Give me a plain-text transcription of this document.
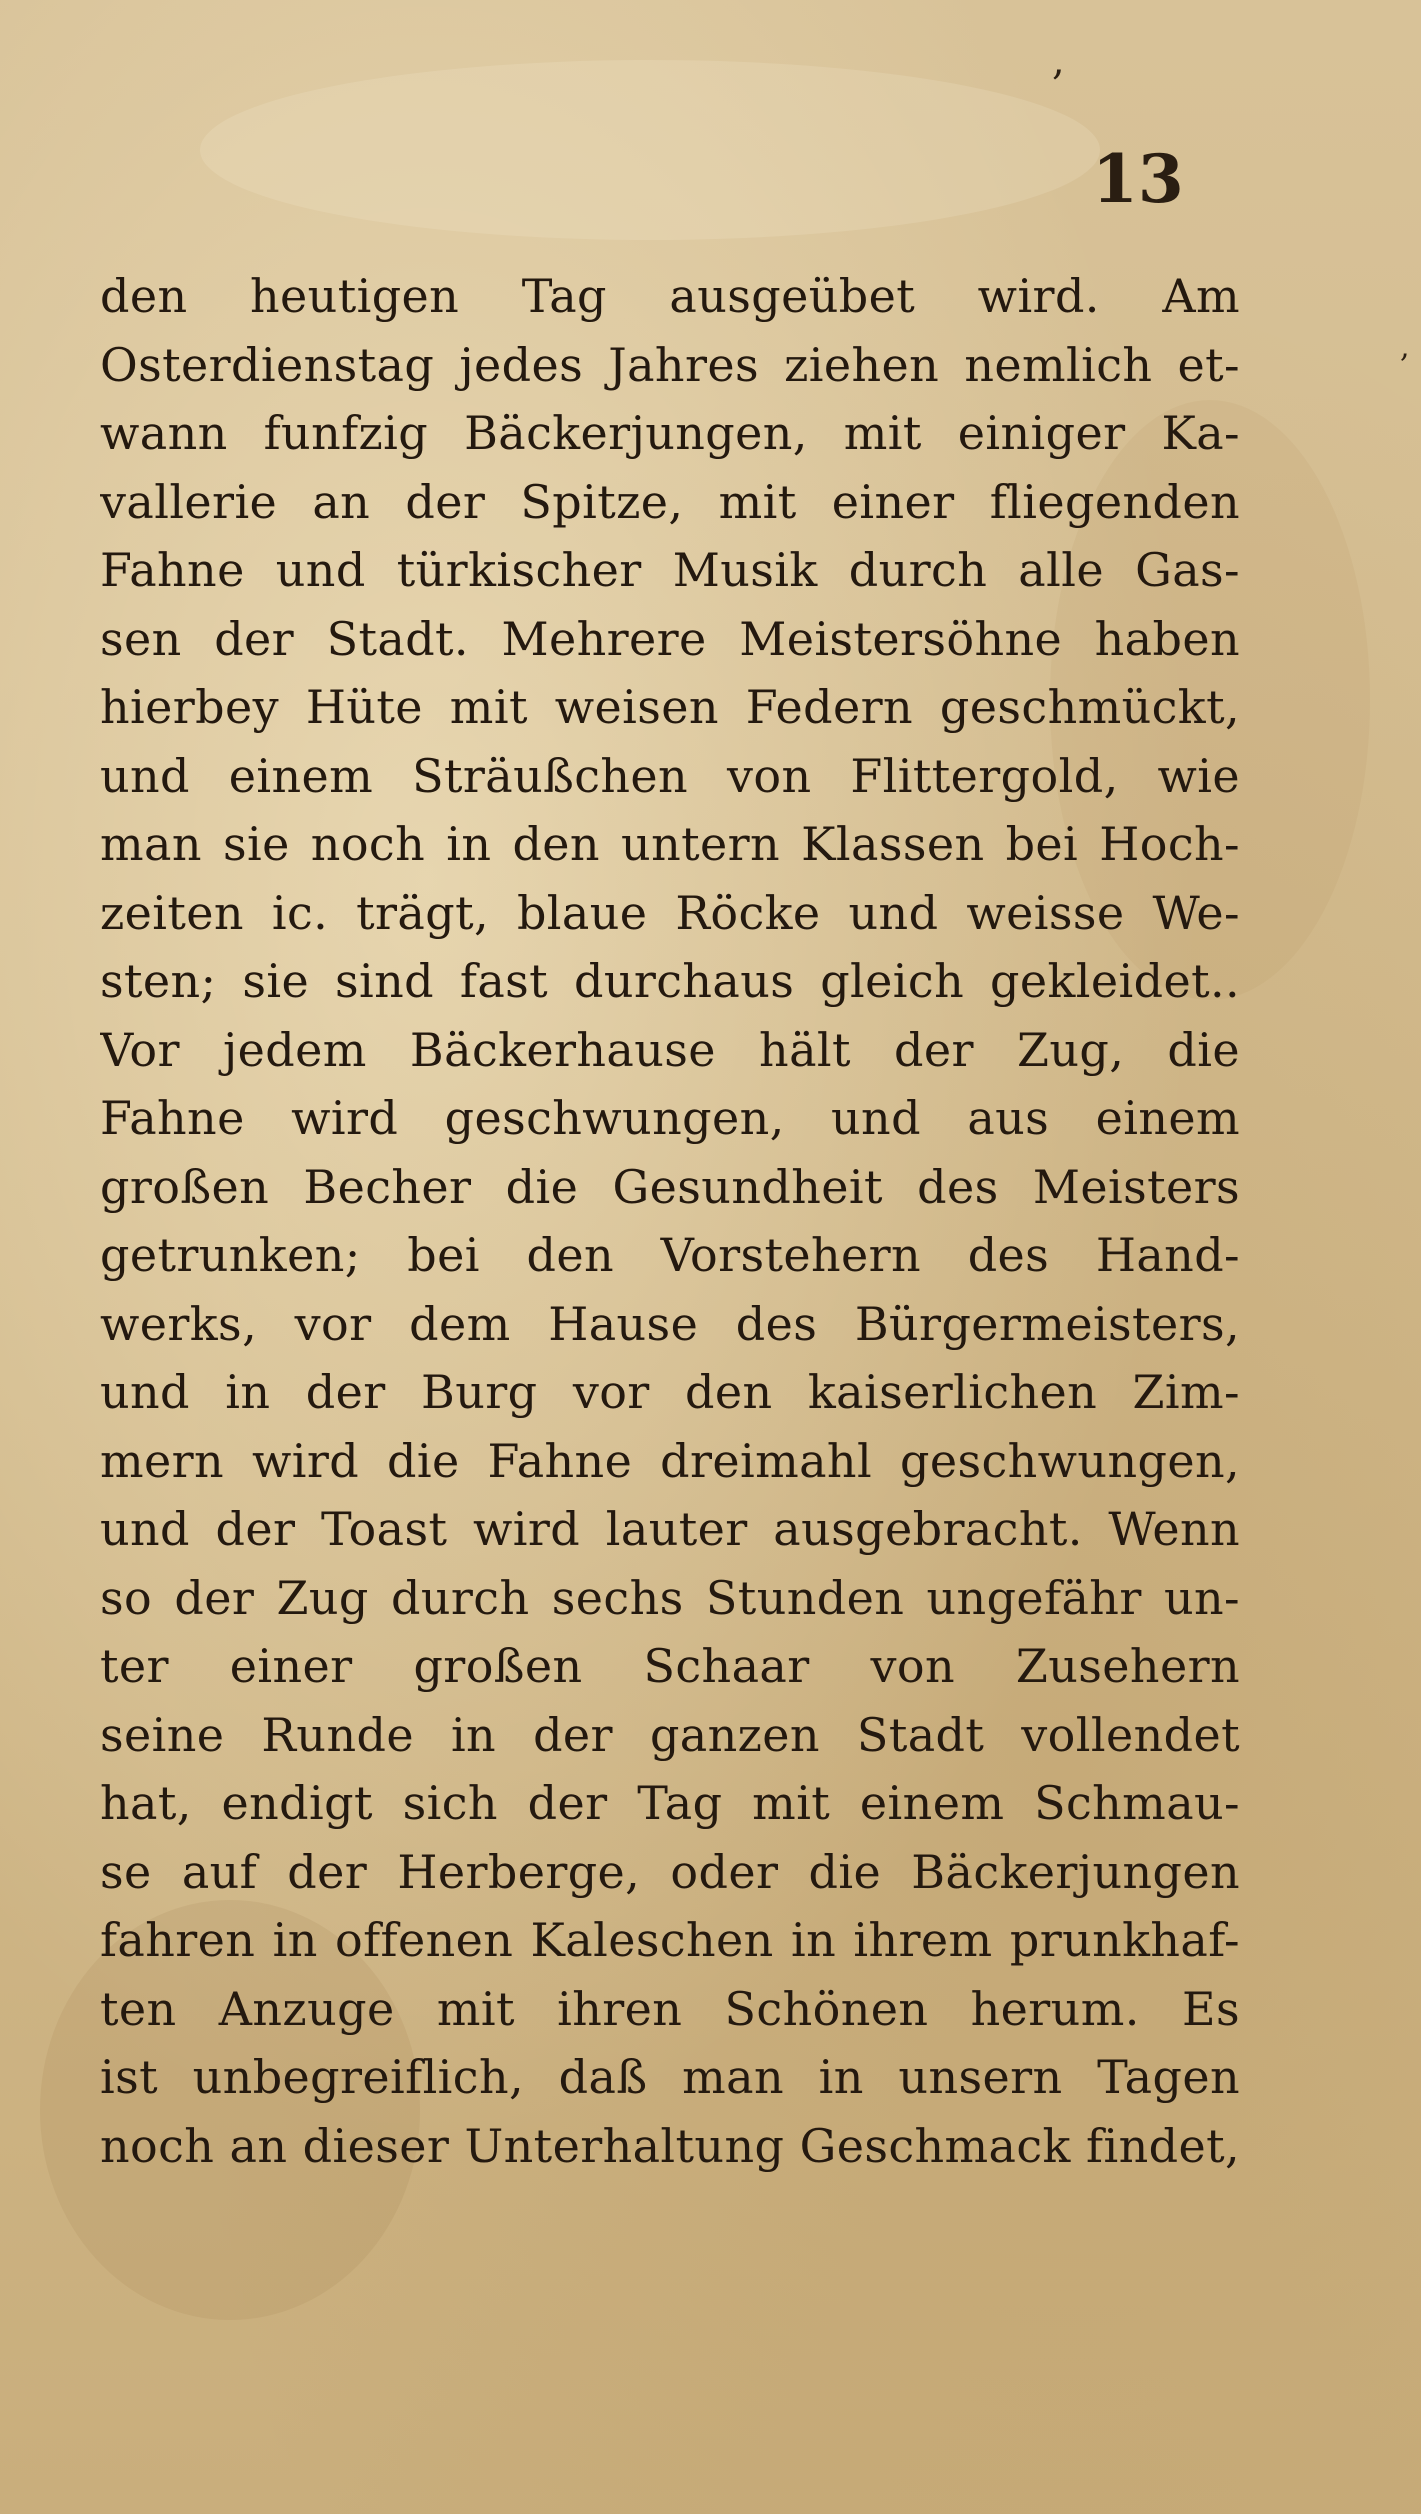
,
,
13
den heutigen Tag ausgeübet wird. Am
Osterdienstag jedes Jahres ziehen nemlich et-
wann funfzig Bäckerjungen, mit einiger Ka-
vallerie an der Spitze, mit einer fliegenden
Fahne und türkischer Musik durch alle Gas-
sen der Stadt. Mehrere Meistersöhne haben
hierbey Hüte mit weisen Federn geschmückt,
und einem Sträußchen von Flittergold, wie
man sie noch in den untern Klassen bei Hoch-
zeiten ic. trägt, blaue Röcke und weisse We-
sten; sie sind fast durchaus gleich gekleidet..
Vor jedem Bäckerhause hält der Zug, die
Fahne wird geschwungen, und aus einem
großen Becher die Gesundheit des Meisters
getrunken; bei den Vorstehern des Hand-
werks, vor dem Hause des Bürgermeisters,
und in der Burg vor den kaiserlichen Zim-
mern wird die Fahne dreimahl geschwungen,
und der Toast wird lauter ausgebracht. Wenn
so der Zug durch sechs Stunden ungefähr un-
ter einer großen Schaar von Zusehern
seine Runde in der ganzen Stadt vollendet
hat, endigt sich der Tag mit einem Schmau-
se auf der Herberge, oder die Bäckerjungen
fahren in offenen Kaleschen in ihrem prunkhaf-
ten Anzuge mit ihren Schönen herum. Es
ist unbegreiflich, daß man in unsern Tagen
noch an dieser Unterhaltung Geschmack findet,
